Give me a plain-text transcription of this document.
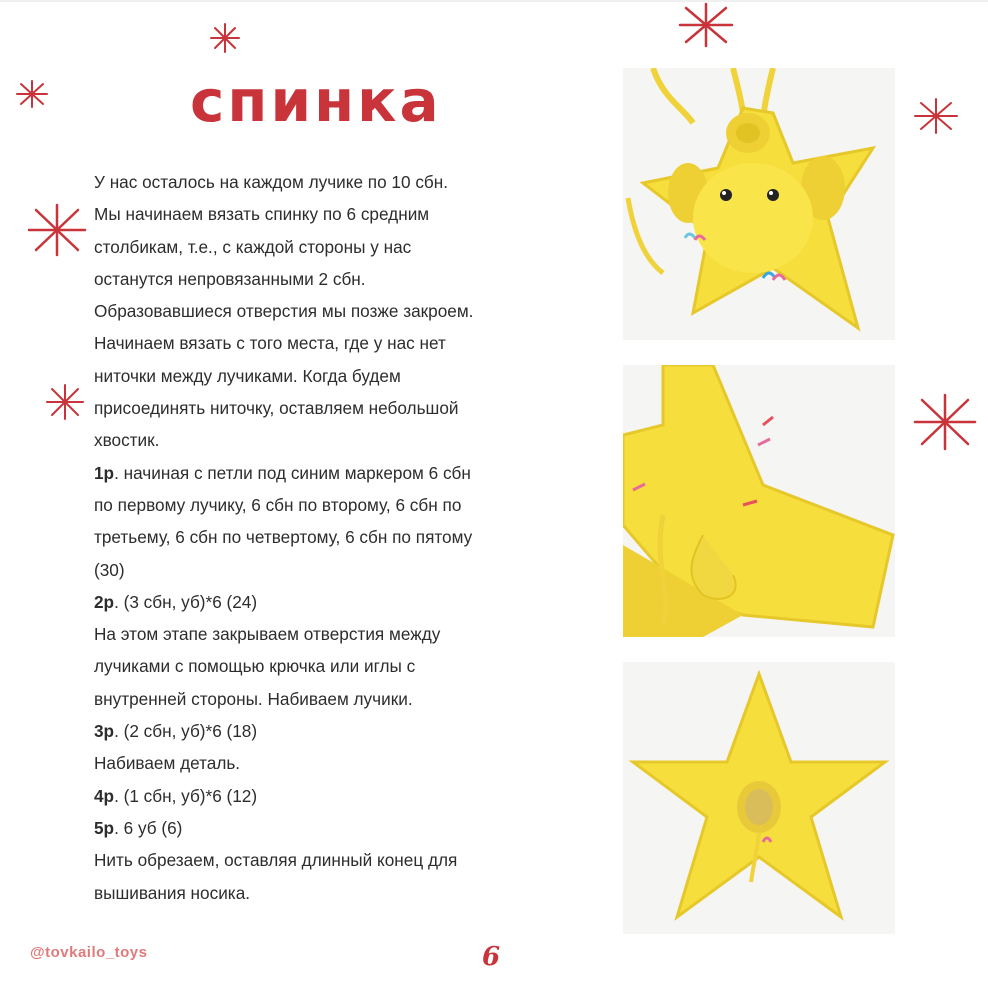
спинка
У нас осталось на каждом лучике по 10 сбн.
Мы начинаем вязать спинку по 6 средним
столбикам, т.е., с каждой стороны у нас
останутся непровязанными 2 сбн.
Образовавшиеся отверстия мы позже закроем.
Начинаем вязать с того места, где у нас нет
ниточки между лучиками. Когда будем
присоединять ниточку, оставляем небольшой
хвостик.
1р. начиная с петли под синим маркером 6 сбн
по первому лучику, 6 сбн по второму, 6 сбн по
третьему, 6 сбн по четвертому, 6 сбн по пятому
(30)
2р. (3 сбн, уб)*6 (24)
На этом этапе закрываем отверстия между
лучиками с помощью крючка или иглы с
внутренней стороны. Набиваем лучики.
3р. (2 сбн, уб)*6 (18)
Набиваем деталь.
4р. (1 сбн, уб)*6 (12)
5р. 6 уб (6)
Нить обрезаем, оставляя длинный конец для
вышивания носика.
@tovkailo_toys	6
